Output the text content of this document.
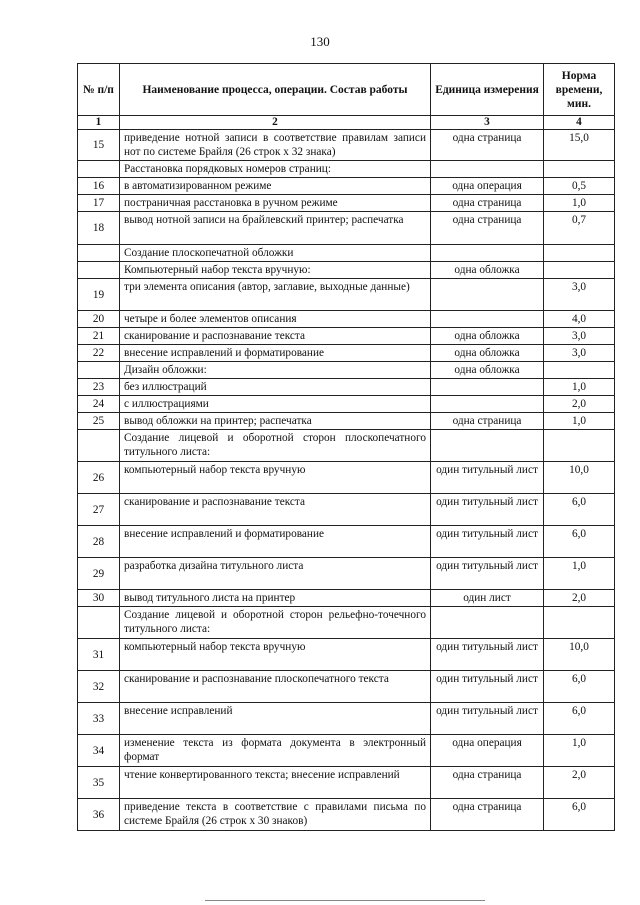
130
№ п/п	Наименование процесса, операции. Состав работы	Единица измерения	Норма времени, мин.
1	2	3	4
15	приведение нотной записи в соответствие правилам записи нот по системе Брайля (26 строк х 32 знака)	одна страница	15,0
	Расстановка порядковых номеров страниц:		
16	в автоматизированном режиме	одна операция	0,5
17	постраничная расстановка в ручном режиме	одна страница	1,0
18	вывод нотной записи на брайлевский принтер; распечатка	одна страница	0,7
	Создание плоскопечатной обложки		
	Компьютерный набор текста вручную:	одна обложка	
19	три элемента описания (автор, заглавие, выходные данные)		3,0
20	четыре и более элементов описания		4,0
21	сканирование и распознавание текста	одна обложка	3,0
22	внесение исправлений и форматирование	одна обложка	3,0
	Дизайн обложки:	одна обложка	
23	без иллюстраций		1,0
24	с иллюстрациями		2,0
25	вывод обложки на принтер; распечатка	одна страница	1,0
	Создание лицевой и оборотной сторон плоскопечатного титульного листа:		
26	компьютерный набор текста вручную	один титульный лист	10,0
27	сканирование и распознавание текста	один титульный лист	6,0
28	внесение исправлений и форматирование	один титульный лист	6,0
29	разработка дизайна титульного листа	один титульный лист	1,0
30	вывод титульного листа на принтер	один лист	2,0
	Создание лицевой и оборотной сторон рельефно-точечного титульного листа:		
31	компьютерный набор текста вручную	один титульный лист	10,0
32	сканирование и распознавание плоскопечатного текста	один титульный лист	6,0
33	внесение исправлений	один титульный лист	6,0
34	изменение текста из формата документа в электронный формат	одна операция	1,0
35	чтение конвертированного текста; внесение исправлений	одна страница	2,0
36	приведение текста в соответствие с правилами письма по системе Брайля (26 строк х 30 знаков)	одна страница	6,0
